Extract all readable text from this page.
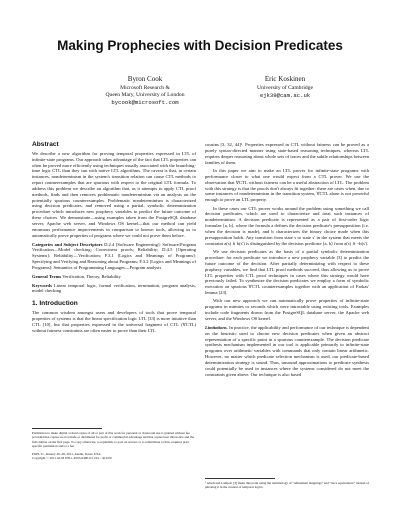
Making Prophecies with Decision Predicates
Byron Cook
Microsoft Research &
Queen Mary, University of London
bycook@microsoft.com
Eric Koskinen
University of Cambridge
ejk39@cam.ac.uk
Abstract

We describe a new algorithm for proving temporal properties expressed in LTL of infinite-state programs. Our approach takes advantage of the fact that LTL properties can often be proved more efficiently using techniques usually associated with the branching-time logic CTL than they can with native LTL algorithms. The caveat is that, in certain instances, nondeterminism in the system's transition relation can cause CTL methods to report counterexamples that are spurious with respect to the original LTL formula. To address this problem we describe an algorithm that, as it attempts to apply CTL proof methods, finds and then removes problematic nondeterminism via an analysis on the potentially spurious counterexamples. Problematic nondeterminism is characterized using decision predicates, and removed using a partial, symbolic determinization procedure which introduces new prophecy variables to predict the future outcome of these choices. We demonstrate—using examples taken from the PostgreSQL database server, Apache web server, and Windows OS kernel—that our method can yield enormous performance improvements in comparison to known tools, allowing us to automatically prove properties of programs where we could not prove them before.

Categories and Subject Descriptors D.2.4 [Software Engineering]: Software/Program Verification—Model checking; Correctness proofs; Reliability; D.4.5 [Operating Systems]: Reliability—Verification; F.3.1 [Logics and Meanings of Programs]: Specifying and Verifying and Reasoning about Programs; F.3.2 [Logics and Meanings of Programs]: Semantics of Programming Languages—Program analysis

General Terms Verification, Theory, Reliability

Keywords Linear temporal logic, formal verification, termination, program analysis, model checking

1. Introduction

The common wisdom amongst users and developers of tools that prove temporal properties of systems is that the linear specification logic LTL [33] is more intuitive than CTL [10], but that properties expressed in the universal fragment of CTL (∀CTL) without fairness constraints are often easier to prove than their LTL

Permission to make digital or hard copies of all or part of this work for personal or classroom use is granted without fee provided that copies are not made or distributed for profit or commercial advantage and that copies bear this notice and the full citation on the first page. To copy otherwise, to republish, to post on servers or to redistribute to lists, requires prior specific permission and/or a fee.
POPL'11, January 26–28, 2011, Austin, Texas, USA.
Copyright © 2011 ACM 978-1-4503-0490-0/11/01... $10.00

cousins [3, 32, 44]¹. Properties expressed in CTL without fairness can be proved as a purely syntax-directed manner using state-based reasoning techniques, whereas LTL requires deeper reasoning about whole sets of traces and the subtle relationships between families of them.

In this paper we aim to make an LTL prover for infinite-state programs with performance closer to what one would expect from a CTL prover. We use the observation that ∀CTL without fairness can be a useful abstraction of LTL. The problem with this strategy is that the proofs don't always fit together: there are cases when, due to some instances of nondeterminism in the transition system, ∀CTL alone is not powerful enough to prove an LTL property.

In these cases our CTL prover works around the problem using something we call decision predicates, which are used to characterize and treat such instances of nondeterminism. A decision predicate is represented as a pair of first-order logic formulae ⟨a, b⟩, where the formula a defines the decision predicate's presupposition (i.e. when the decision is made), and b characterizes the binary choice made when this presupposition holds. Any transition from state s to state s' in the system that meets the constraint a(s) ∧ b(s') is distinguished by the decision predicate ⟨a, b⟩ from a(s) ∧ ¬b(s').

We use decision predicates as the basis of a partial symbolic determinization procedure: for each predicate we introduce a new prophecy variable [3] to predict the future outcome of the decision. After partially determinizing with respect to these prophecy variables, we find that LTL proof methods succeed, thus allowing us to prove LTL properties with CTL proof techniques in cases where this strategy would have previously failed. To synthesize the decision predicates we employ a form of symbolic execution on spurious ∀CTL counterexamples together with an application of Farkas' lemma [23].

With our new approach we can automatically prove properties of infinite-state programs in minutes or seconds which were intractable using existing tools. Examples include code fragments drawn from the PostgreSQL database server, the Apache web server, and the Windows OS kernel.

Limitations. In practice, the applicability and performance of our technique is dependent on the heuristic used to choose new decision predicates when given an abstract representation of a specific point in a spurious counterexample. The decision predicate synthesis mechanism implemented in our tool is applicable primarily to infinite-state programs over arithmetic variables with commands that only contain linear arithmetic. However, no matter which predicate selection mechanism is used, our predicate-based determinization strategy is sound. Thus, unsound approximations to predicate synthesis could potentially be used in instances where the systems considered do not meet the constraints given above. Our technique is also based

¹ Abadi and Lamport [3] make this point using the terminology of "refinement mappings" and "trace equivalence" instead of phrasing it in the context of temporal logics.
